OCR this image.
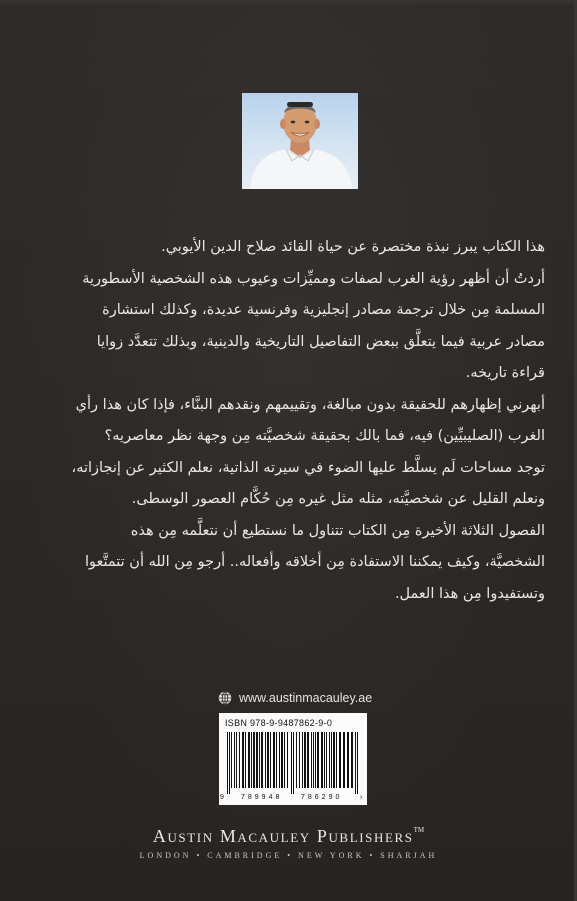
هذا الكتاب يبرز نبذة مختصرة عن حياة القائد صلاح الدين الأيوبي.

أردتُ أن أظهر رؤية الغرب لصفات ومميِّزات وعيوب هذه الشخصية الأسطورية
المسلمة مِن خلال ترجمة مصادر إنجليزية وفرنسية عديدة، وكذلك استشارة
مصادر عربية فيما يتعلَّق ببعض التفاصيل التاريخية والدينية، وبذلك تتعدَّد زوايا
قراءة تاريخه.

أبهرني إظهارهم للحقيقة بدون مبالغة، وتقييمهم ونقدهم البنَّاء، فإذا كان هذا رأي
الغرب (الصليبيِّين) فيه، فما بالك بحقيقة شخصيَّته مِن وجهة نظر معاصريه؟
توجد مساحات لَم يسلَّط عليها الضوء في سيرته الذاتية، نعلم الكثير عن إنجازاته،
ونعلم القليل عن شخصيَّته، مثله مثل غيره مِن حُكَّام العصور الوسطى.

الفصول الثلاثة الأخيرة مِن الكتاب تتناول ما نستطيع أن نتعلَّمه مِن هذه
الشخصيَّة، وكيف يمكننا الاستفادة مِن أخلاقه وأفعاله.. أرجو مِن الله أن تتمتَّعوا
وتستفيدوا مِن هذا العمل.

www.austinmacauley.ae
ISBN 978-9-9487862-9-0
9 789948	786290	›
Austin Macauley Publishers™
LONDON • CAMBRIDGE • NEW YORK • SHARJAH
